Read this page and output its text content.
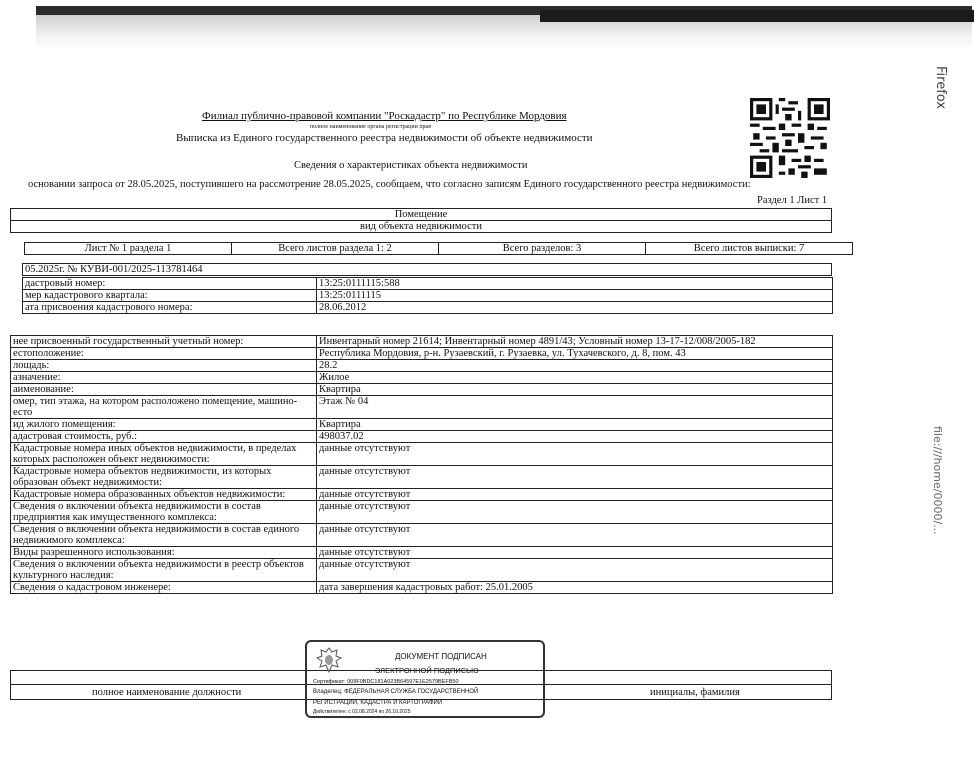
Firefox
file:///home/0000/...
Филиал публично-правовой компании "Роскадастр" по Республике Мордовия
полное наименование органа регистрации прав
Выписка из Единого государственного реестра недвижимости об объекте недвижимости
Сведения о характеристиках объекта недвижимости
основании запроса от 28.05.2025, поступившего на рассмотрение 28.05.2025, сообщаем, что согласно записям Единого государственного реестра недвижимости:
Раздел 1 Лист 1
Помещение
вид объекта недвижимости
Лист № 1 раздела 1	Всего листов раздела 1: 2	Всего разделов: 3	Всего листов выписки: 7
05.2025г. № КУВИ-001/2025-113781464
дастровый номер:	13:25:0111115:588
мер кадастрового квартала:	13:25:0111115
ата присвоения кадастрового номера:	28.06.2012
нее присвоенный государственный учетный номер:	Инвентарный номер 21614; Инвентарный номер 4891/43; Условный номер 13-17-12/008/2005-182
естоположение:	Республика Мордовия, р-н. Рузаевский, г. Рузаевка, ул. Тухачевского, д. 8, пом. 43
лощадь:	28.2
азначение:	Жилое
аименование:	Квартира
омер, тип этажа, на котором расположено помещение, машино-
есто	Этаж № 04
ид жилого помещения:	Квартира
адастровая стоимость, руб.:	498037.02
Кадастровые номера иных объектов недвижимости, в пределах
которых расположен объект недвижимости:	данные отсутствуют
Кадастровые номера объектов недвижимости, из которых
образован объект недвижимости:	данные отсутствуют
Кадастровые номера образованных объектов недвижимости:	данные отсутствуют
Сведения о включении объекта недвижимости в состав
предприятия как имущественного комплекса:	данные отсутствуют
Сведения о включении объекта недвижимости в состав единого
недвижимого комплекса:	данные отсутствуют
Виды разрешенного использования:	данные отсутствуют
Сведения о включении объекта недвижимости в реестр объектов
культурного наследия:	данные отсутствуют
Сведения о кадастровом инженере:	дата завершения кадастровых работ: 25.01.2005
полное наименование должности	инициалы, фамилия
ДОКУМЕНТ ПОДПИСАН
ЭЛЕКТРОННОЙ ПОДПИСЬЮ
Сертификат: 009F0BDC181A023B64597E1E2579BEFB50
Владелец: ФЕДЕРАЛЬНАЯ СЛУЖБА ГОСУДАРСТВЕННОЙ
РЕГИСТРАЦИИ, КАДАСТРА И КАРТОГРАФИИ
Действителен: с 02.08.2024 по 26.10.2025
